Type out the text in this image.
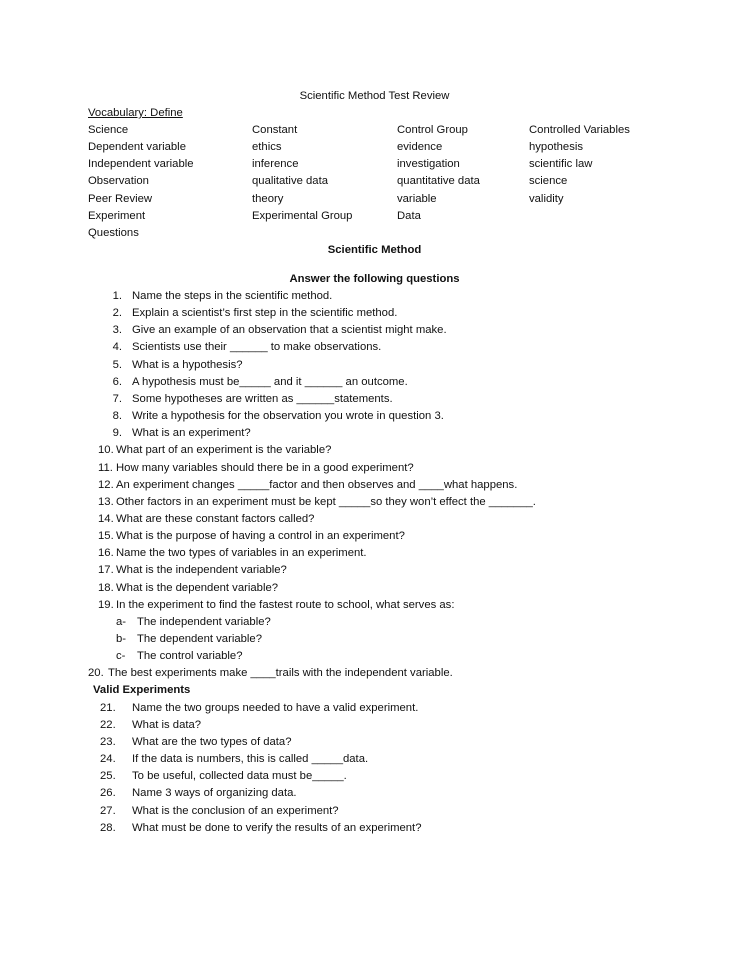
Scientific Method Test Review
Vocabulary: Define
Scientific Method
Answer the following questions
Science
Dependent variable
Independent variable
Observation
Peer Review
Experiment
Questions
Constant
ethics
inference
qualitative data
theory
Experimental Group
Control Group
evidence
investigation
quantitative data
variable
Data
Controlled Variables
hypothesis
scientific law
science
validity
1. Name the steps in the scientific method.
2. Explain a scientist’s first step in the scientific method.
3. Give an example of an observation that a scientist might make.
4. Scientists use their ______ to make observations.
5. What is a hypothesis?
6. A hypothesis must be_____ and it ______ an outcome.
7. Some hypotheses are written as ______statements.
8. Write a hypothesis for the observation you wrote in question 3.
9. What is an experiment?
10. What part of an experiment is the variable?
11. How many variables should there be in a good experiment?
12. An experiment changes _____factor and then observes and ____what happens.
13. Other factors in an experiment must be kept _____so they won’t effect the _______.
14. What are these constant factors called?
15. What is the purpose of having a control in an experiment?
16. Name the two types of variables in an experiment.
17. What is the independent variable?
18. What is the dependent variable?
19. In the experiment to find the fastest route to school, what serves as:
a- The independent variable?
b- The dependent variable?
c- The control variable?
20. The best experiments make ____trails with the independent variable.
Valid Experiments
21. Name the two groups needed to have a valid experiment.
22. What is data?
23. What are the two types of data?
24. If the data is numbers, this is called _____data.
25. To be useful, collected data must be_____.
26. Name 3 ways of organizing data.
27. What is the conclusion of an experiment?
28. What must be done to verify the results of an experiment?
